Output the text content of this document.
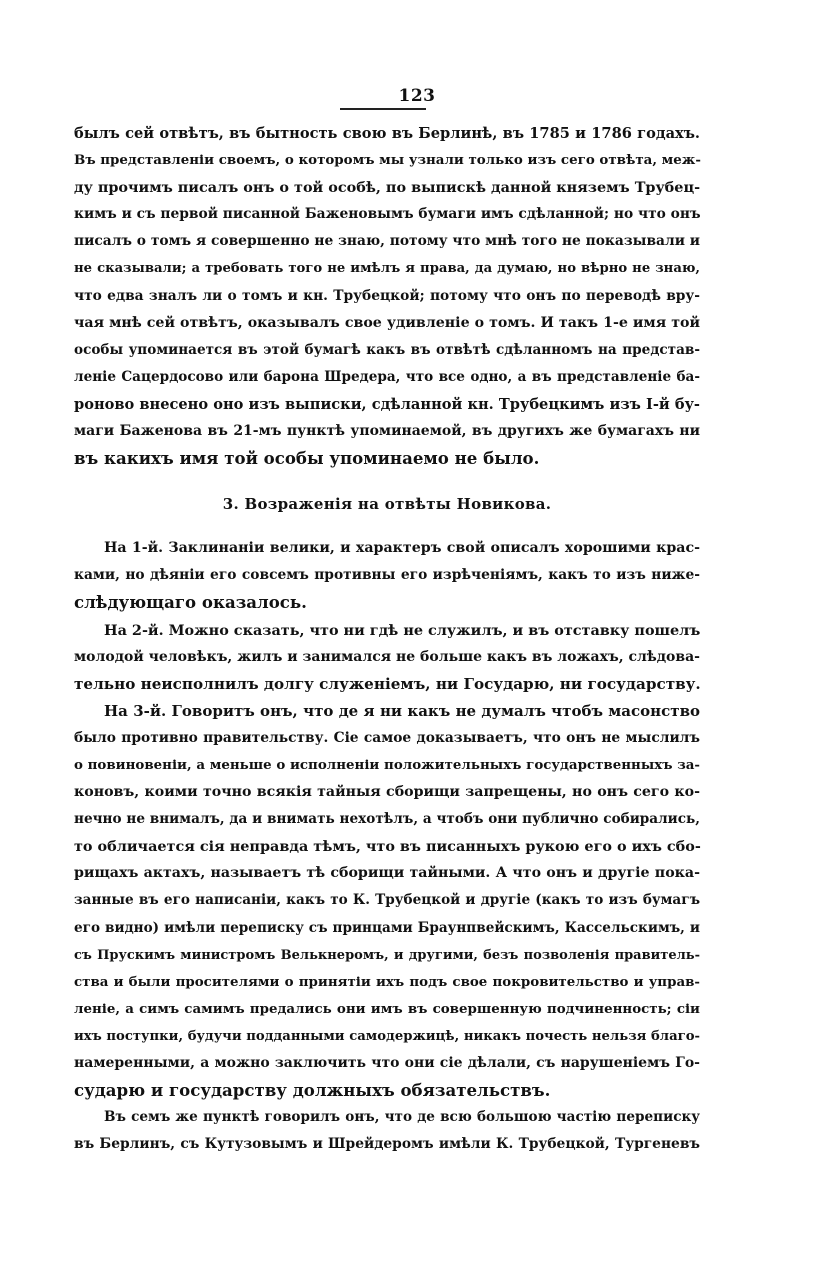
123
былъ сей отвѣтъ, въ бытность свою въ Берлинѣ, въ 1785 и 1786 годахъ.
Въ представленіи своемъ, о которомъ мы узнали только изъ сего отвѣта, меж-
ду прочимъ писалъ онъ о той особѣ, по выпискѣ данной княземъ Трубец-
кимъ и съ первой писанной Баженовымъ бумаги имъ сдѣланной; но что онъ
писалъ о томъ я совершенно не знаю, потому что мнѣ того не показывали и
не сказывали; а требовать того не имѣлъ я права, да думаю, но вѣрно не знаю,
что едва зналъ ли о томъ и кн. Трубецкой; потому что онъ по переводѣ вру-
чая мнѣ сей отвѣтъ, оказывалъ свое удивленіе о томъ. И такъ 1-е имя той
особы упоминается въ этой бумагѣ какъ въ отвѣтѣ сдѣланномъ на представ-
леніе Сацердосово или барона Шредера, что все одно, а въ представленіе ба-
роново внесено оно изъ выписки, сдѣланной кн. Трубецкимъ изъ І-й бу-
маги Баженова въ 21-мъ пунктѣ упоминаемой, въ другихъ же бумагахъ ни
въ какихъ имя той особы упоминаемо не было.
3. Возраженія на отвѣты Новикова.
На 1-й. Заклинаніи велики, и характеръ свой описалъ хорошими крас-
ками, но дѣяніи его совсемъ противны его изрѣченіямъ, какъ то изъ ниже-
слѣдующаго оказалось.
На 2-й. Можно сказать, что ни гдѣ не служилъ, и въ отставку пошелъ
молодой человѣкъ, жилъ и занимался не больше какъ въ ложахъ, слѣдова-
тельно неисполнилъ долгу служеніемъ, ни Государю, ни государству.
На 3-й. Говоритъ онъ, что де я ни какъ не думалъ чтобъ масонство
было противно правительству. Сіе самое доказываетъ, что онъ не мыслилъ
о повиновеніи, а меньше о исполненіи положительныхъ государственныхъ за-
коновъ, коими точно всякія тайныя сборищи запрещены, но онъ сего ко-
нечно не внималъ, да и внимать нехотѣлъ, а чтобъ они публично собирались,
то обличается сія неправда тѣмъ, что въ писанныхъ рукою его о ихъ сбо-
рищахъ актахъ, называетъ тѣ сборищи тайными. А что онъ и другіе пока-
занные въ его написаніи, какъ то К. Трубецкой и другіе (какъ то изъ бумагъ
его видно) имѣли переписку съ принцами Браунпвейскимъ, Кассельскимъ, и
съ Прускимъ министромъ Велькнеромъ, и другими, безъ позволенія правитель-
ства и были просителями о принятіи ихъ подъ свое покровительство и управ-
леніе, а симъ самимъ предались они имъ въ совершенную подчиненность; сіи
ихъ поступки, будучи подданными самодержицѣ, никакъ почесть нельзя благо-
намеренными, а можно заключить что они сіе дѣлали, съ нарушеніемъ Го-
сударю и государству должныхъ обязательствъ.
Въ семъ же пунктѣ говорилъ онъ, что де всю большою частію переписку
въ Берлинъ, съ Кутузовымъ и Шрейдеромъ имѣли К. Трубецкой, Тургеневъ
